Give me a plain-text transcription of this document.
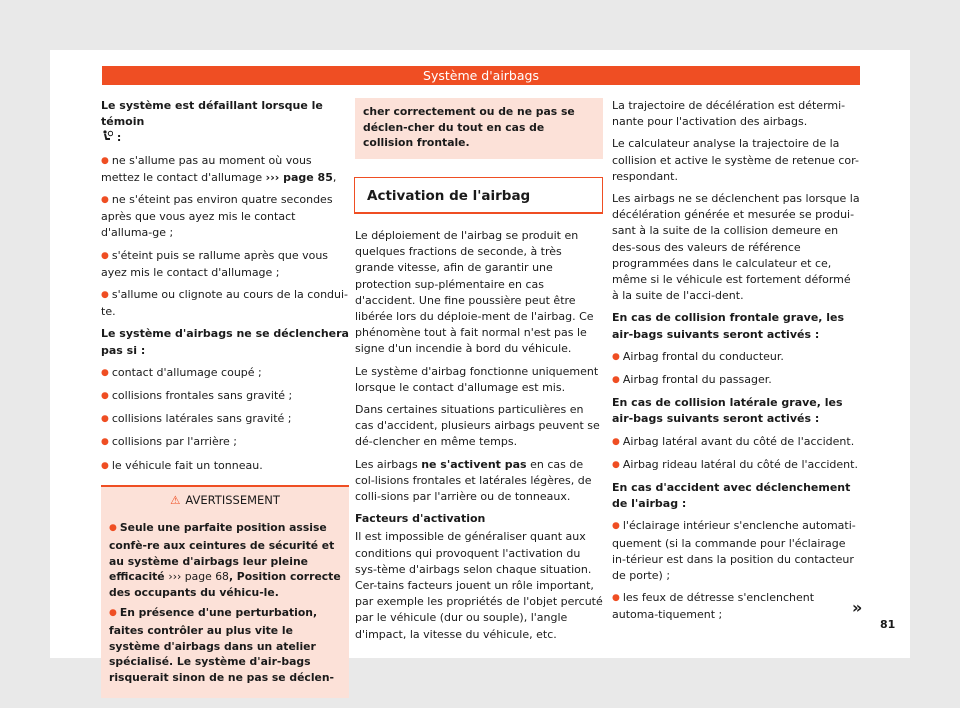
Système d'airbags

Le système est défaillant lorsque le témoin
:

● ne s'allume pas au moment où vous mettez le contact d'allumage ››› page 85,

● ne s'éteint pas environ quatre secondes après que vous ayez mis le contact d'alluma-ge ;

● s'éteint puis se rallume après que vous ayez mis le contact d'allumage ;

● s'allume ou clignote au cours de la condui-te.

Le système d'airbags ne se déclenchera pas si :

● contact d'allumage coupé ;

● collisions frontales sans gravité ;

● collisions latérales sans gravité ;

● collisions par l'arrière ;

● le véhicule fait un tonneau.

⚠ AVERTISSEMENT

● Seule une parfaite position assise confè-re aux ceintures de sécurité et au système d'airbags leur pleine efficacité ››› page 68, Position correcte des occupants du véhicu-le.

● En présence d'une perturbation, faites contrôler au plus vite le système d'airbags dans un atelier spécialisé. Le système d'air-bags risquerait sinon de ne pas se déclen-

cher correctement ou de ne pas se déclen-cher du tout en cas de collision frontale.
Activation de l'airbag

Le déploiement de l'airbag se produit en quelques fractions de seconde, à très grande vitesse, afin de garantir une protection sup-plémentaire en cas d'accident. Une fine poussière peut être libérée lors du déploie-ment de l'airbag. Ce phénomène tout à fait normal n'est pas le signe d'un incendie à bord du véhicule.

Le système d'airbag fonctionne uniquement lorsque le contact d'allumage est mis.

Dans certaines situations particulières en cas d'accident, plusieurs airbags peuvent se dé-clencher en même temps.

Les airbags ne s'activent pas en cas de col-lisions frontales et latérales légères, de colli-sions par l'arrière ou de tonneaux.

Facteurs d'activation

Il est impossible de généraliser quant aux conditions qui provoquent l'activation du sys-tème d'airbags selon chaque situation. Cer-tains facteurs jouent un rôle important, par exemple les propriétés de l'objet percuté par le véhicule (dur ou souple), l'angle d'impact, la vitesse du véhicule, etc.

La trajectoire de décélération est détermi-nante pour l'activation des airbags.

Le calculateur analyse la trajectoire de la collision et active le système de retenue cor-respondant.

Les airbags ne se déclenchent pas lorsque la décélération générée et mesurée se produi-sant à la suite de la collision demeure en des-sous des valeurs de référence programmées dans le calculateur et ce, même si le véhicule est fortement déformé à la suite de l'acci-dent.

En cas de collision frontale grave, les air-bags suivants seront activés :

● Airbag frontal du conducteur.

● Airbag frontal du passager.

En cas de collision latérale grave, les air-bags suivants seront activés :

● Airbag latéral avant du côté de l'accident.

● Airbag rideau latéral du côté de l'accident.

En cas d'accident avec déclenchement de l'airbag :

● l'éclairage intérieur s'enclenche automati-quement (si la commande pour l'éclairage in-térieur est dans la position du contacteur de porte) ;

● les feux de détresse s'enclenchent automa-tiquement ;	»
81
